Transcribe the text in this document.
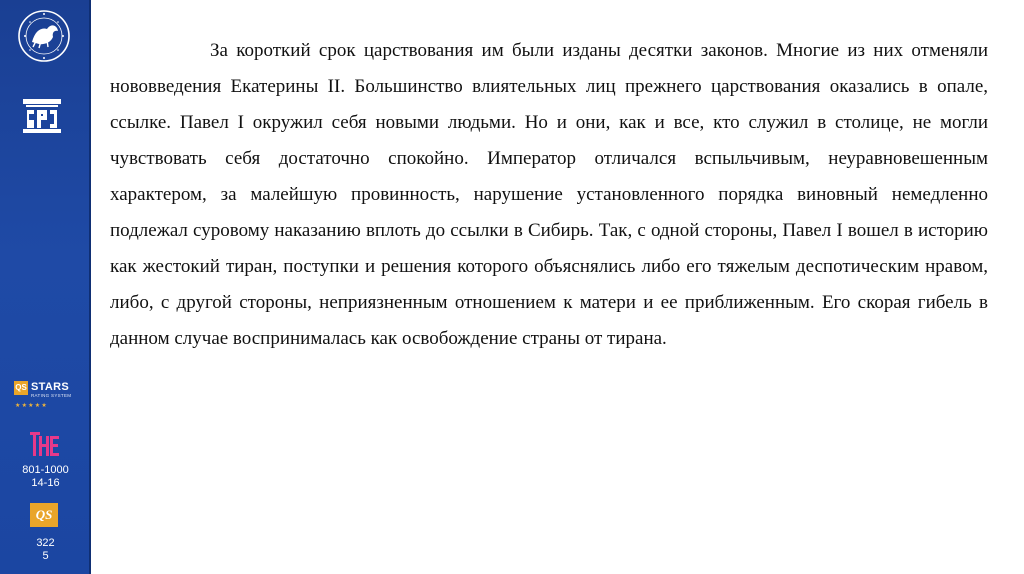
QS STARS
RATING SYSTEM
★★★★★
801-1000
14-16
QS
322
5

За короткий срок царствования им были изданы десятки законов. Многие из них отменяли нововведения Екатерины II. Большинство влиятельных лиц прежнего царствования оказались в опале, ссылке. Павел I окружил себя новыми людьми. Но и они, как и все, кто служил в столице, не могли чувствовать себя достаточно спокойно. Император отличался вспыльчивым, неуравновешенным характером, за малейшую провинность, нарушение установленного порядка виновный немедленно подлежал суровому наказанию вплоть до ссылки в Сибирь. Так, с одной стороны, Павел I вошел в историю как жестокий тиран, поступки и решения которого объяснялись либо его тяжелым деспотическим нравом, либо, с другой стороны, неприязненным отношением к матери и ее приближенным. Его скорая гибель в данном случае воспринималась как освобождение страны от тирана.
